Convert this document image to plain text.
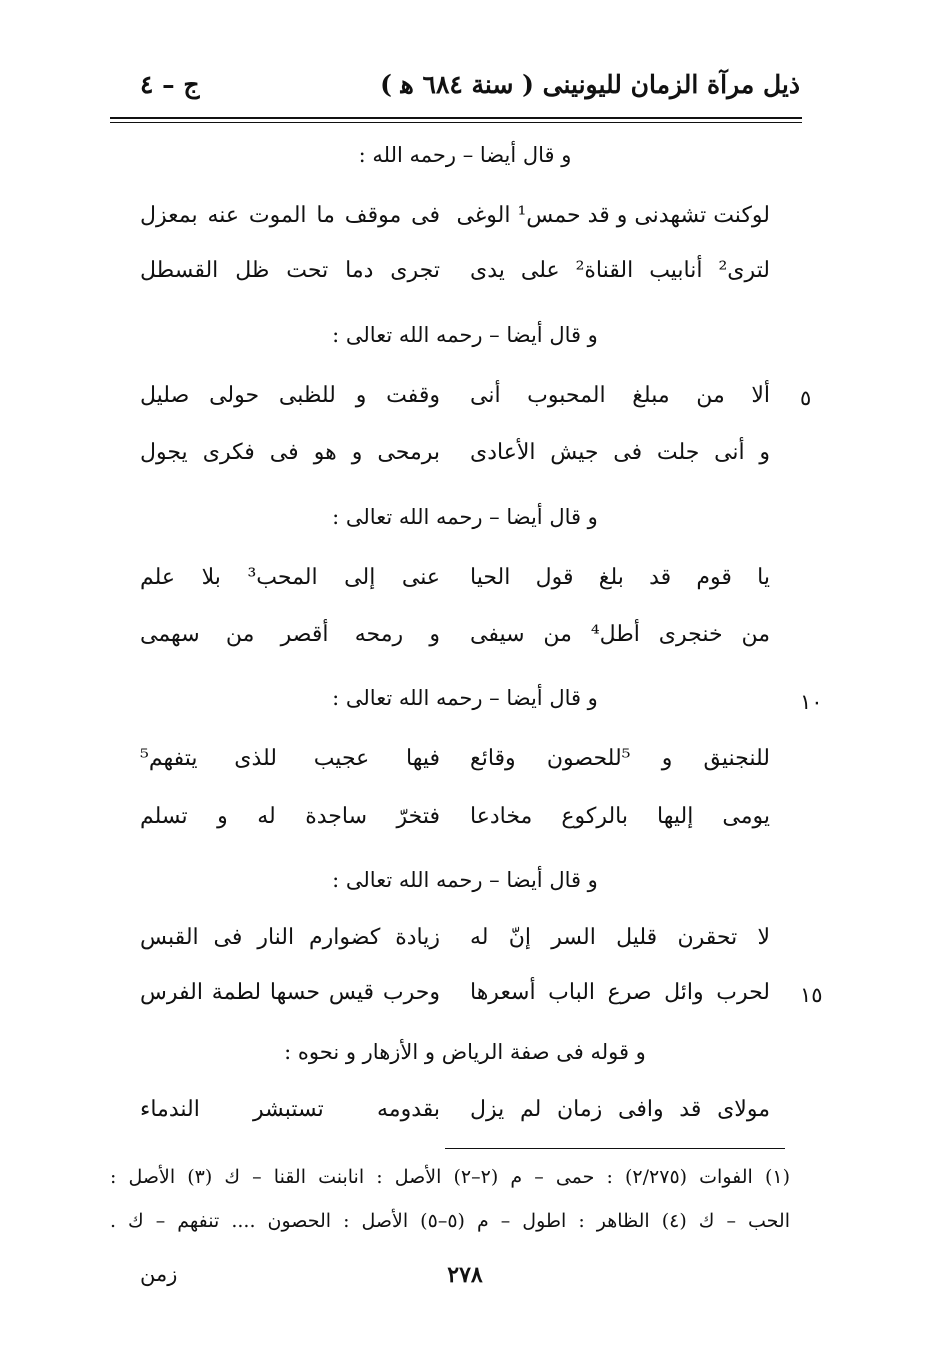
ذيل مرآة الزمان لليونينى ( سنة ٦٨٤ ﻫ )
ج – ٤
و قال أيضا – رحمه الله :
لوكنت تشهدنى و قد حمس¹ الوغى
فى موقف ما الموت عنه بمعزل
لترى² أنابيب القناة² على يدى
تجرى دما تحت ظل القسطل
و قال أيضا – رحمه الله تعالى :
٥
ألا من مبلغ المحبوب أنى
وقفت و للظبى حولى صليل
و أنى جلت فى جيش الأعادى
برمحى و هو فى فكرى يجول
و قال أيضا – رحمه الله تعالى :
يا قوم قد بلغ قول الحيا
عنى إلى المحب³ بلا علم
من خنجرى أطل⁴ من سيفى
و رمحه أقصر من سهمى
١٠
و قال أيضا – رحمه الله تعالى :
للنجنيق و ⁵للحصون وقائع
فيها عجيب للذى يتفهم⁵
يومى إليها بالركوع مخادعا
فتخرّ ساجدة له و تسلم
و قال أيضا – رحمه الله تعالى :
لا تحقرن قليل السر إنّ له
زيادة كضوارم النار فى القبس
١٥
لحرب وائل صرع الباب أسعرها
وحرب قيس حسها لطمة الفرس
و قوله فى صفة الرياض و الأزهار و نحوه :
مولاى قد وافى زمان لم يزل
بقدومه تستبشر الندماء
(١) الفوات (٢/٢٧٥) : حمى – م (٢–٢) الأصل : انابنت القنا – ك (٣) الأصل :
الحب – ك (٤) الظاهر : اطول – م (٥–٥) الأصل : الحصون .... تنفهم – ك .
٢٧٨
زمن
